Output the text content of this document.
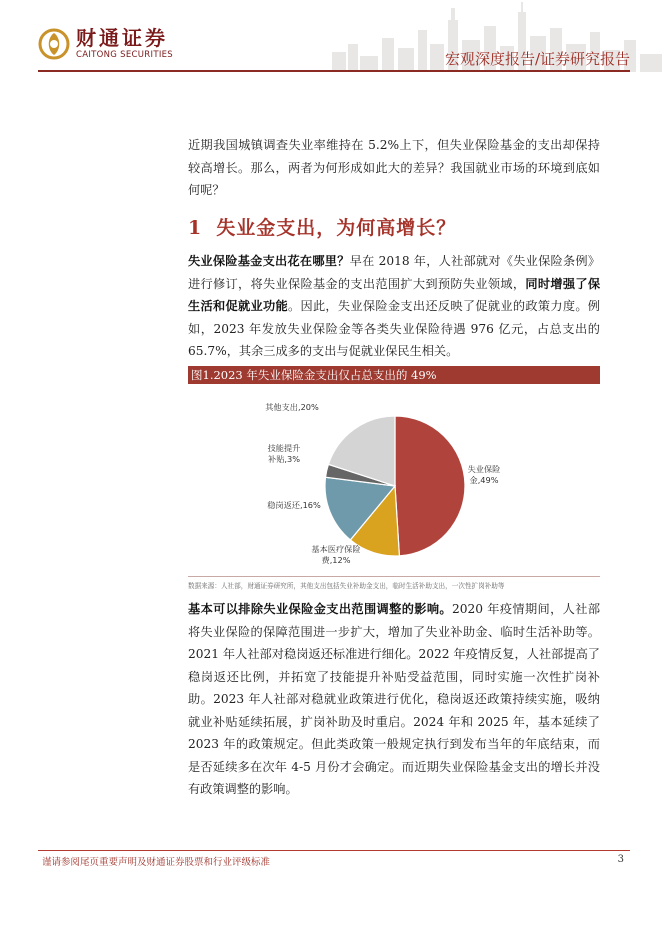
财通证券
CAITONG SECURITIES	宏观深度报告/证券研究报告

近期我国城镇调查失业率维持在 5.2%上下，但失业保险基金的支出却保持较高增长。那么，两者为何形成如此大的差异？我国就业市场的环境到底如何呢？

1 失业金支出，为何高增长？

失业保险基金支出花在哪里？早在 2018 年，人社部就对《失业保险条例》进行修订，将失业保险基金的支出范围扩大到预防失业领域，同时增强了保生活和促就业功能。因此，失业保险金支出还反映了促就业的政策力度。例如，2023 年发放失业保险金等各类失业保险待遇 976 亿元，占总支出的 65.7%，其余三成多的支出与促就业保民生相关。

图1.2023 年失业保险金支出仅占总支出的 49%
失业保险金,49%
基本医疗保险费,12%
稳岗返还,16%
技能提升补贴,3%
其他支出,20%
数据来源：人社部，财通证券研究所，其他支出包括失业补助金支出，临时生活补助支出，一次性扩岗补助等

基本可以排除失业保险金支出范围调整的影响。2020 年疫情期间，人社部将失业保险的保障范围进一步扩大，增加了失业补助金、临时生活补助等。2021 年人社部对稳岗返还标准进行细化。2022 年疫情反复，人社部提高了稳岗返还比例，并拓宽了技能提升补贴受益范围，同时实施一次性扩岗补助。2023 年人社部对稳就业政策进行优化，稳岗返还政策持续实施，吸纳就业补贴延续拓展，扩岗补助及时重启。2024 年和 2025 年，基本延续了 2023 年的政策规定。但此类政策一般规定执行到发布当年的年底结束，而是否延续多在次年 4-5 月份才会确定。而近期失业保险基金支出的增长并没有政策调整的影响。

谨请参阅尾页重要声明及财通证券股票和行业评级标准	3
